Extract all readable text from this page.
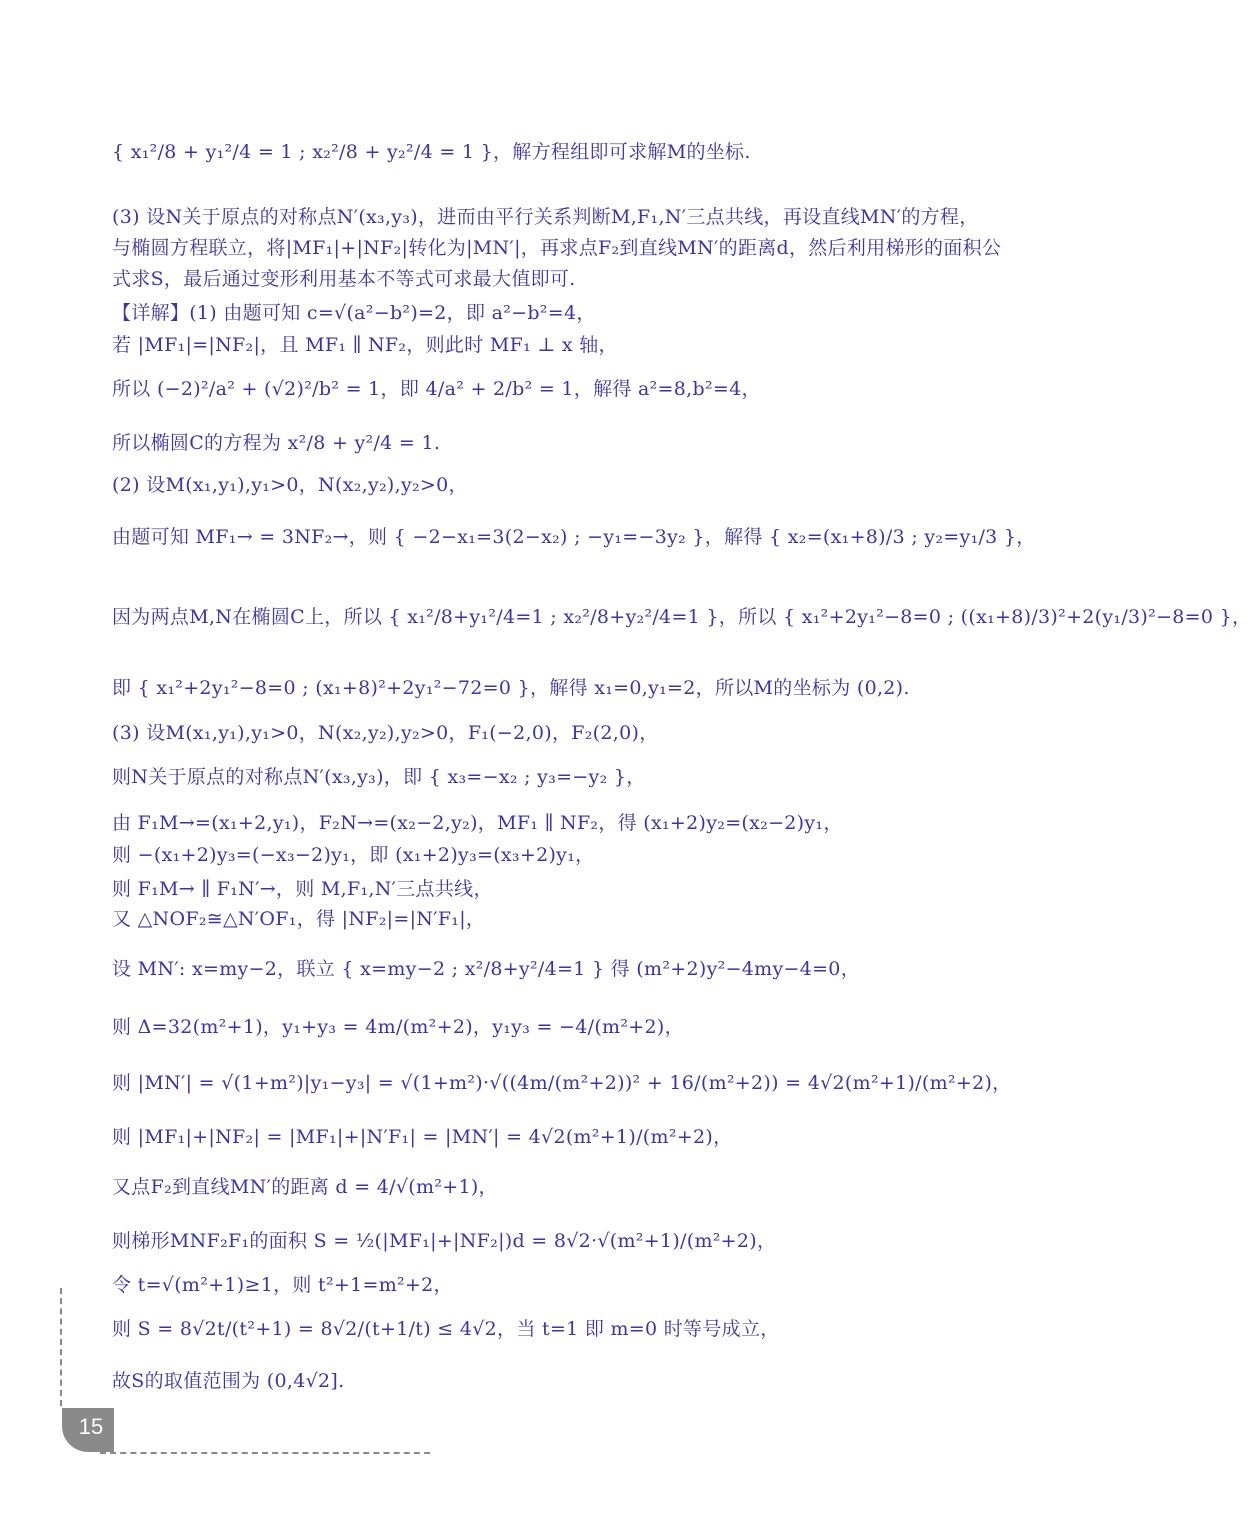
{ x₁²/8 + y₁²/4 = 1 ; x₂²/8 + y₂²/4 = 1 }，解方程组即可求解M的坐标.
(3) 设N关于原点的对称点N′(x₃,y₃)，进而由平行关系判断M,F₁,N′三点共线，再设直线MN′的方程，
与椭圆方程联立，将|MF₁|+|NF₂|转化为|MN′|，再求点F₂到直线MN′的距离d，然后利用梯形的面积公
式求S，最后通过变形利用基本不等式可求最大值即可.
【详解】(1) 由题可知 c=√(a²−b²)=2，即 a²−b²=4，
若 |MF₁|=|NF₂|，且 MF₁ ∥ NF₂，则此时 MF₁ ⊥ x 轴，
所以 (−2)²/a² + (√2)²/b² = 1，即 4/a² + 2/b² = 1，解得 a²=8,b²=4，
所以椭圆C的方程为 x²/8 + y²/4 = 1.
(2) 设M(x₁,y₁),y₁>0，N(x₂,y₂),y₂>0，
由题可知 MF₁→ = 3NF₂→，则 { −2−x₁=3(2−x₂) ; −y₁=−3y₂ }，解得 { x₂=(x₁+8)/3 ; y₂=y₁/3 }，
因为两点M,N在椭圆C上，所以 { x₁²/8+y₁²/4=1 ; x₂²/8+y₂²/4=1 }，所以 { x₁²+2y₁²−8=0 ; ((x₁+8)/3)²+2(y₁/3)²−8=0 }，
即 { x₁²+2y₁²−8=0 ; (x₁+8)²+2y₁²−72=0 }，解得 x₁=0,y₁=2，所以M的坐标为 (0,2).
(3) 设M(x₁,y₁),y₁>0，N(x₂,y₂),y₂>0，F₁(−2,0)，F₂(2,0)，
则N关于原点的对称点N′(x₃,y₃)，即 { x₃=−x₂ ; y₃=−y₂ }，
由 F₁M→=(x₁+2,y₁)，F₂N→=(x₂−2,y₂)，MF₁ ∥ NF₂，得 (x₁+2)y₂=(x₂−2)y₁，
则 −(x₁+2)y₃=(−x₃−2)y₁，即 (x₁+2)y₃=(x₃+2)y₁，
则 F₁M→ ∥ F₁N′→，则 M,F₁,N′三点共线，
又 △NOF₂≅△N′OF₁，得 |NF₂|=|N′F₁|，
设 MN′: x=my−2，联立 { x=my−2 ; x²/8+y²/4=1 } 得 (m²+2)y²−4my−4=0，
则 Δ=32(m²+1)，y₁+y₃ = 4m/(m²+2)，y₁y₃ = −4/(m²+2)，
则 |MN′| = √(1+m²)|y₁−y₃| = √(1+m²)·√((4m/(m²+2))² + 16/(m²+2)) = 4√2(m²+1)/(m²+2)，
则 |MF₁|+|NF₂| = |MF₁|+|N′F₁| = |MN′| = 4√2(m²+1)/(m²+2)，
又点F₂到直线MN′的距离 d = 4/√(m²+1)，
则梯形MNF₂F₁的面积 S = ½(|MF₁|+|NF₂|)d = 8√2·√(m²+1)/(m²+2)，
令 t=√(m²+1)≥1，则 t²+1=m²+2，
则 S = 8√2t/(t²+1) = 8√2/(t+1/t) ≤ 4√2，当 t=1 即 m=0 时等号成立，
故S的取值范围为 (0,4√2].
15
